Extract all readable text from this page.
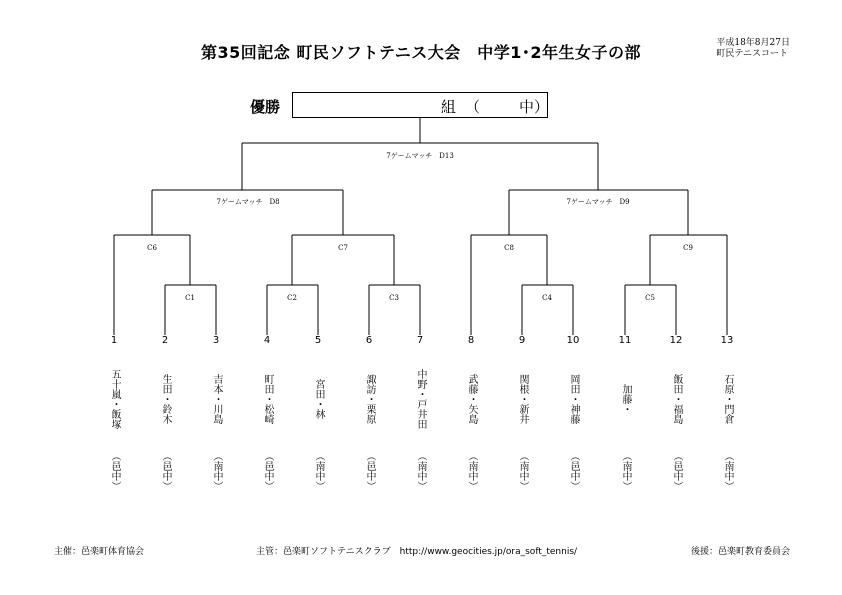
第35回記念 町民ソフトテニス大会　中学1･2年生女子の部	平成18年8月27日
町民テニスコート
優勝	組 （	中）
7ゲームマッチ　D13
7ゲームマッチ　D8	7ゲームマッチ　D9
C6	C7	C8	C9
C1	C2	C3	C4	C5
1
五十嵐・飯塚
（邑中）
2
生田・鈴木
（邑中）
3
吉本・川島
（南中）
4
町田・松崎
（邑中）
5
宮田・林
（南中）
6
諏訪・栗原
（邑中）
7
中野・戸井田
（南中）
8
武藤・矢島
（南中）
9
関根・新井
（南中）
10
岡田・神藤
（邑中）
11
加藤・
（南中）
12
飯田・福島
（邑中）
13
石原・門倉
（南中）
主催：邑楽町体育協会	主管：邑楽町ソフトテニスクラブ　http://www.geocities.jp/ora_soft_tennis/	後援：邑楽町教育委員会
